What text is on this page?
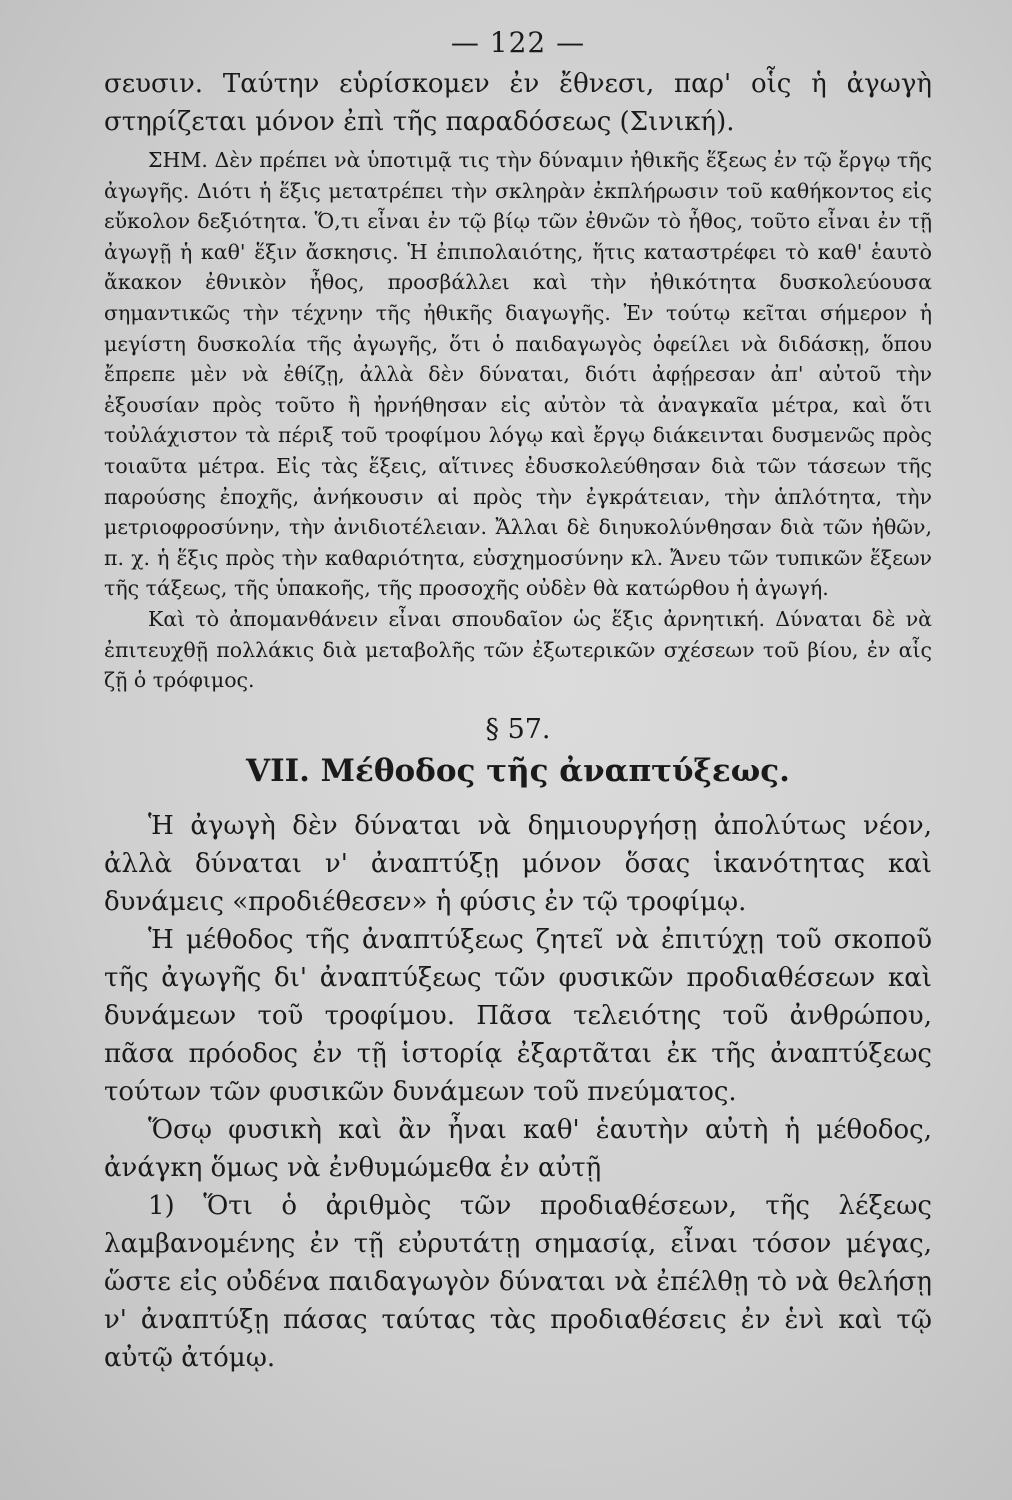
— 122 —

σευσιν. Ταύτην εὑρίσκομεν ἐν ἔθνεσι, παρ' οἷς ἡ ἀγωγὴ στηρίζεται μόνον ἐπὶ τῆς παραδόσεως (Σινική).

ΣΗΜ. Δὲν πρέπει νὰ ὑποτιμᾷ τις τὴν δύναμιν ἠθικῆς ἕξεως ἐν τῷ ἔργῳ τῆς ἀγωγῆς. Διότι ἡ ἕξις μετατρέπει τὴν σκληρὰν ἐκπλήρωσιν τοῦ καθήκοντος εἰς εὔκολον δεξιότητα. Ὅ,τι εἶναι ἐν τῷ βίῳ τῶν ἐθνῶν τὸ ἦθος, τοῦτο εἶναι ἐν τῇ ἀγωγῇ ἡ καθ' ἕξιν ἄσκησις. Ἡ ἐπιπολαιότης, ἥτις καταστρέφει τὸ καθ' ἑαυτὸ ἄκακον ἐθνικὸν ἦθος, προσβάλλει καὶ τὴν ἠθικότητα δυσκολεύουσα σημαντικῶς τὴν τέχνην τῆς ἠθικῆς διαγωγῆς. Ἐν τούτῳ κεῖται σήμερον ἡ μεγίστη δυσκολία τῆς ἀγωγῆς, ὅτι ὁ παιδαγωγὸς ὀφείλει νὰ διδάσκῃ, ὅπου ἔπρεπε μὲν νὰ ἐθίζῃ, ἀλλὰ δὲν δύναται, διότι ἀφῄρεσαν ἀπ' αὐτοῦ τὴν ἐξουσίαν πρὸς τοῦτο ἢ ἠρνήθησαν εἰς αὐτὸν τὰ ἀναγκαῖα μέτρα, καὶ ὅτι τοὐλάχιστον τὰ πέριξ τοῦ τροφίμου λόγῳ καὶ ἔργῳ διάκεινται δυσμενῶς πρὸς τοιαῦτα μέτρα. Εἰς τὰς ἕξεις, αἵτινες ἐδυσκολεύθησαν διὰ τῶν τάσεων τῆς παρούσης ἐποχῆς, ἀνήκουσιν αἱ πρὸς τὴν ἐγκράτειαν, τὴν ἁπλότητα, τὴν μετριοφροσύνην, τὴν ἀνιδιοτέλειαν. Ἄλλαι δὲ διηυκολύνθησαν διὰ τῶν ἠθῶν, π. χ. ἡ ἕξις πρὸς τὴν καθαριότητα, εὐσχημοσύνην κλ. Ἄνευ τῶν τυπικῶν ἕξεων τῆς τάξεως, τῆς ὑπακοῆς, τῆς προσοχῆς οὐδὲν θὰ κατώρθου ἡ ἀγωγή.

Καὶ τὸ ἀπομανθάνειν εἶναι σπουδαῖον ὡς ἕξις ἀρνητική. Δύναται δὲ νὰ ἐπιτευχθῇ πολλάκις διὰ μεταβολῆς τῶν ἐξωτερικῶν σχέσεων τοῦ βίου, ἐν αἷς ζῇ ὁ τρόφιμος.

§ 57.
VII. Μέθοδος τῆς ἀναπτύξεως.

Ἡ ἀγωγὴ δὲν δύναται νὰ δημιουργήσῃ ἀπολύτως νέον, ἀλλὰ δύναται ν' ἀναπτύξῃ μόνον ὅσας ἱκανότητας καὶ δυνάμεις «προδιέθεσεν» ἡ φύσις ἐν τῷ τροφίμῳ.

Ἡ μέθοδος τῆς ἀναπτύξεως ζητεῖ νὰ ἐπιτύχῃ τοῦ σκοποῦ τῆς ἀγωγῆς δι' ἀναπτύξεως τῶν φυσικῶν προδιαθέσεων καὶ δυνάμεων τοῦ τροφίμου. Πᾶσα τελειότης τοῦ ἀνθρώπου, πᾶσα πρόοδος ἐν τῇ ἱστορίᾳ ἐξαρτᾶται ἐκ τῆς ἀναπτύξεως τούτων τῶν φυσικῶν δυνάμεων τοῦ πνεύματος.

Ὅσῳ φυσικὴ καὶ ἂν ἦναι καθ' ἑαυτὴν αὐτὴ ἡ μέθοδος, ἀνάγκη ὅμως νὰ ἐνθυμώμεθα ἐν αὐτῇ

1) Ὅτι ὁ ἀριθμὸς τῶν προδιαθέσεων, τῆς λέξεως λαμβανομένης ἐν τῇ εὐρυτάτῃ σημασίᾳ, εἶναι τόσον μέγας, ὥστε εἰς οὐδένα παιδαγωγὸν δύναται νὰ ἐπέλθῃ τὸ νὰ θελήσῃ ν' ἀναπτύξῃ πάσας ταύτας τὰς προδιαθέσεις ἐν ἑνὶ καὶ τῷ αὐτῷ ἀτόμῳ.
